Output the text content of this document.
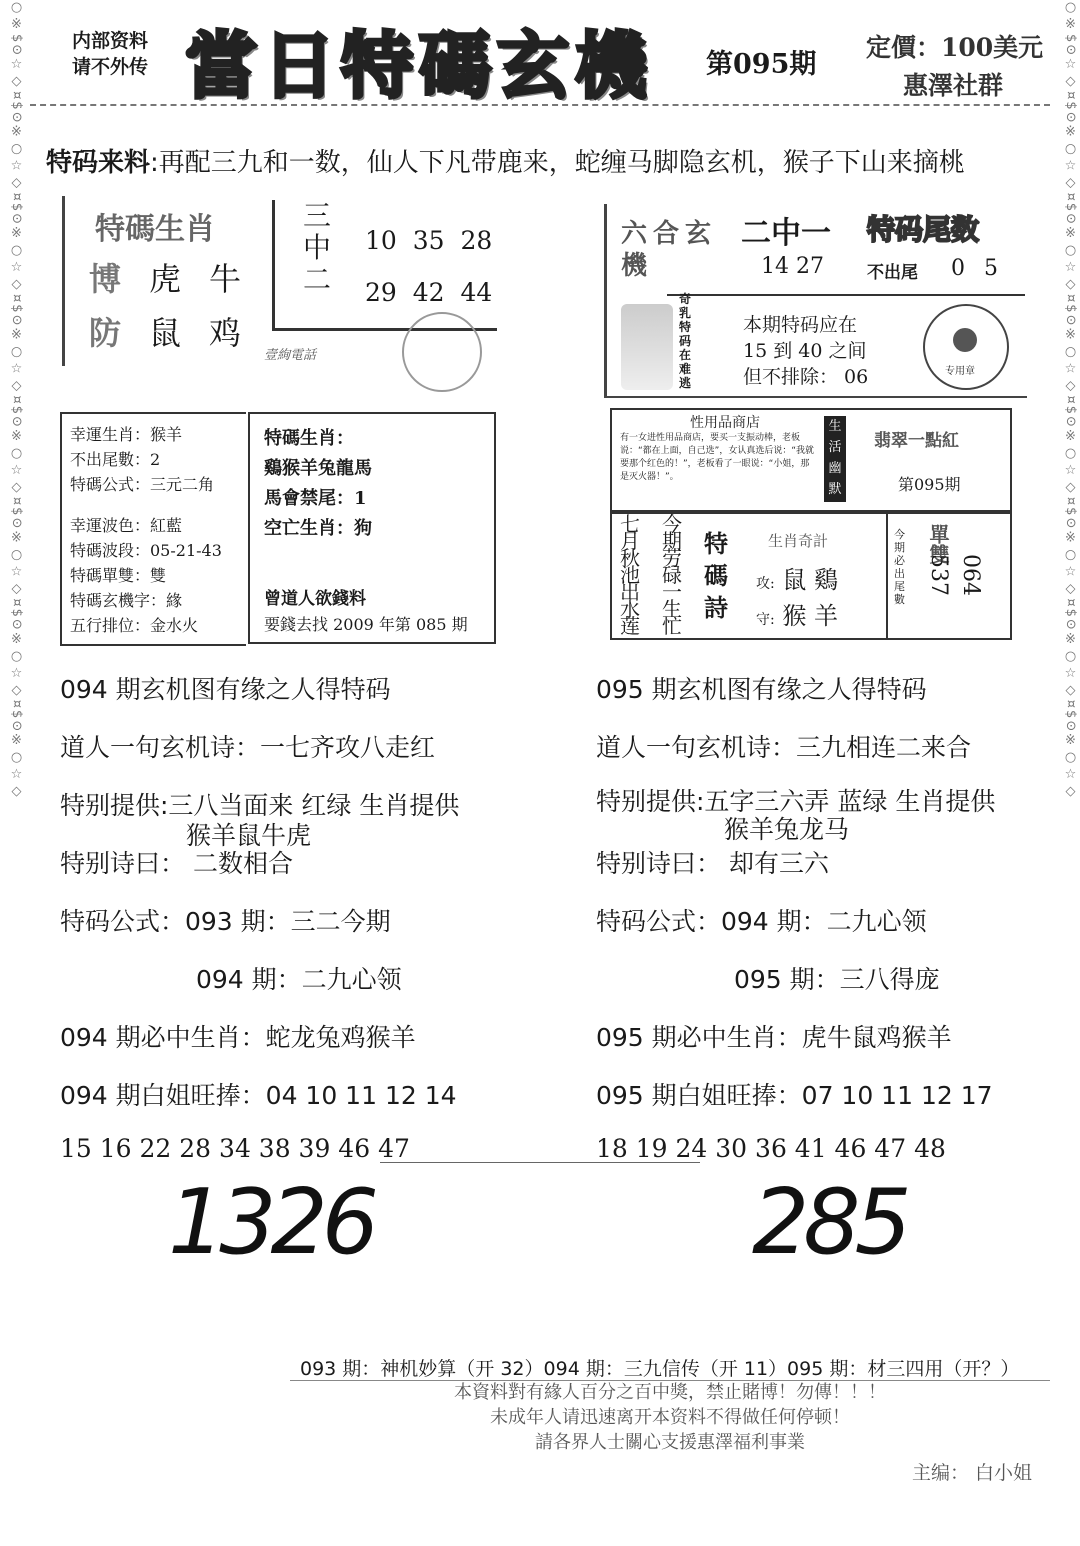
○※$⊙☆◇¤$⊙※○☆◇¤$⊙※○☆◇¤$⊙※○☆◇¤$⊙※○☆◇¤$⊙※○☆◇¤$⊙※○☆◇¤$⊙※○☆◇	○※$⊙☆◇¤$⊙※○☆◇¤$⊙※○☆◇¤$⊙※○☆◇¤$⊙※○☆◇¤$⊙※○☆◇¤$⊙※○☆◇¤$⊙※○☆◇
内部资料
请不外传 當 日 特 碼 玄 機 第095期
定價：100美元
惠澤社群
特码来料:再配三九和一数，仙人下凡带鹿来，蛇缠马脚隐玄机，猴子下山来摘桃
特碼生肖
博 虎 牛
防 鼠 鸡
三中二
10 35 28
29 42 44
壹絢電話
六合玄機
二中一
14 27
特码尾数
不出尾 0 5
奇乳特码在难逃
本期特码应在
15 到 40 之间
但不排除： 06	专用章
幸運生肖：猴羊
不出尾數：2
特碼公式：三元二角
幸運波色：紅藍
特碼波段：05-21-43
特碼單雙：雙
特碼玄機字：緣
五行排位：金水火
特碼生肖：
鷄猴羊兔龍馬
馬會禁尾：1
空亡生肖：狗
曾道人欲錢料
要錢去找 2009 年第 085 期
性用品商店
有一女进性用品商店，要买一支振动棒，老板说：“都在上面，自己选”，女认真选后说：“我就要那个红色的！”，老板看了一眼说：“小姐，那是灭火器！”。
生活幽默
翡翠一點紅
第095期
七月秋池出水莲
今期劳碌一生忙
特碼詩
生肖奇計
攻: 鼠 鷄
守: 猴 羊
今期必出尾數
單雙
537 064
094 期玄机图有缘之人得特码
道人一句玄机诗：一七齐攻八走红
特别提供:三八当面来 红绿 生肖提供
猴羊鼠牛虎
特别诗曰： 二数相合
特码公式：093 期：三二今期
094 期：二九心领
094 期必中生肖：蛇龙兔鸡猴羊
094 期白姐旺捧：04 10 11 12 14
15 16 22 28 34 38 39 46 47
1326
095 期玄机图有缘之人得特码
道人一句玄机诗：三九相连二来合
特别提供:五字三六弄 蓝绿 生肖提供
猴羊兔龙马
特别诗曰： 却有三六
特码公式：094 期：二九心领
095 期：三八得庞
095 期必中生肖：虎牛鼠鸡猴羊
095 期白姐旺捧：07 10 11 12 17
18 19 24 30 36 41 46 47 48
285
093 期：神机妙算（开 32）094 期：三九信传（开 11）095 期：材三四用（开？）
本資料對有緣人百分之百中獎，禁止賭博！勿傳！！！
未成年人请迅速离开本资料不得做任何停顿！
請各界人士關心支援惠澤福利事業
主编： 白小姐
